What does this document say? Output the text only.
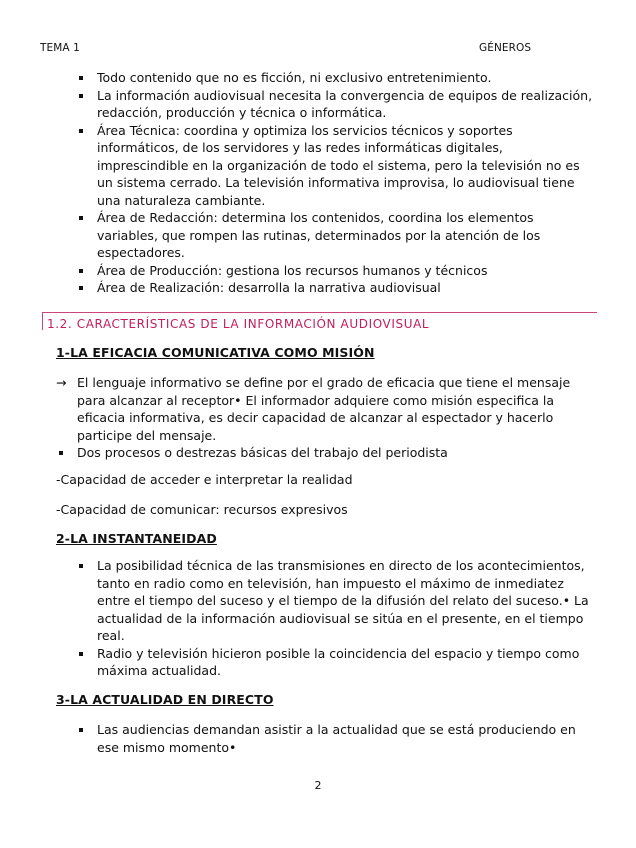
TEMA 1	GÉNEROS
Todo contenido que no es ficción, ni exclusivo entretenimiento.
La información audiovisual necesita la convergencia de equipos de realización, redacción, producción y técnica o informática.
Área Técnica: coordina y optimiza los servicios técnicos y soportes informáticos, de los servidores y las redes informáticas digitales, imprescindible en la organización de todo el sistema, pero la televisión no es un sistema cerrado. La televisión informativa improvisa, lo audiovisual tiene una naturaleza cambiante.
Área de Redacción: determina los contenidos, coordina los elementos variables, que rompen las rutinas, determinados por la atención de los espectadores.
Área de Producción: gestiona los recursos humanos y técnicos
Área de Realización: desarrolla la narrativa audiovisual
1.2. CARACTERÍSTICAS DE LA INFORMACIÓN AUDIOVISUAL
1-LA EFICACIA COMUNICATIVA COMO MISIÓN
→ El lenguaje informativo se define por el grado de eficacia que tiene el mensaje para alcanzar al receptor• El informador adquiere como misión especifica la eficacia informativa, es decir capacidad de alcanzar al espectador y hacerlo participe del mensaje.
Dos procesos o destrezas básicas del trabajo del periodista
-Capacidad de acceder e interpretar la realidad
-Capacidad de comunicar: recursos expresivos
2-LA INSTANTANEIDAD
La posibilidad técnica de las transmisiones en directo de los acontecimientos, tanto en radio como en televisión, han impuesto el máximo de inmediatez entre el tiempo del suceso y el tiempo de la difusión del relato del suceso.• La actualidad de la información audiovisual se sitúa en el presente, en el tiempo real.
Radio y televisión hicieron posible la coincidencia del espacio y tiempo como máxima actualidad.
3-LA ACTUALIDAD EN DIRECTO
Las audiencias demandan asistir a la actualidad que se está produciendo en ese mismo momento•
2
